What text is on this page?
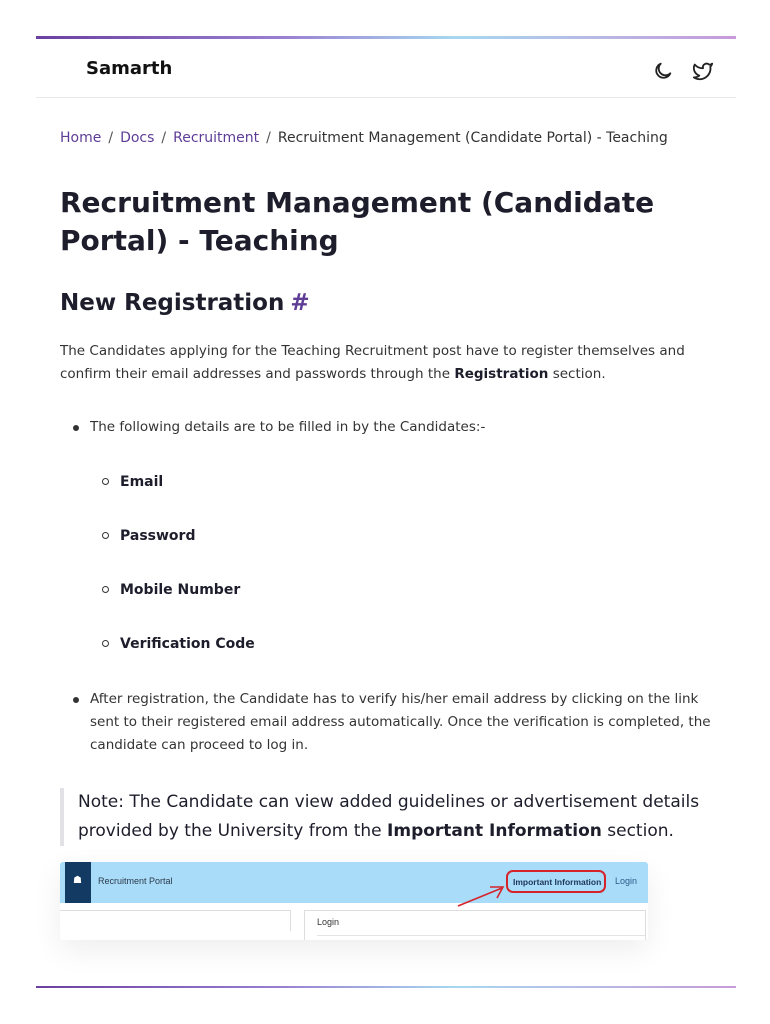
Samarth
Home / Docs / Recruitment / Recruitment Management (Candidate Portal) - Teaching
Recruitment Management (Candidate Portal) - Teaching
New Registration #

The Candidates applying for the Teaching Recruitment post have to register themselves and confirm their email addresses and passwords through the Registration section.

The following details are to be filled in by the Candidates:-
Email
Password
Mobile Number
Verification Code
After registration, the Candidate has to verify his/her email address by clicking on the link sent to their registered email address automatically. Once the verification is completed, the candidate can proceed to log in.
Note: The Candidate can view added guidelines or advertisement details provided by the University from the Important Information section.
☗ Recruitment Portal	Important Information Login
Login
